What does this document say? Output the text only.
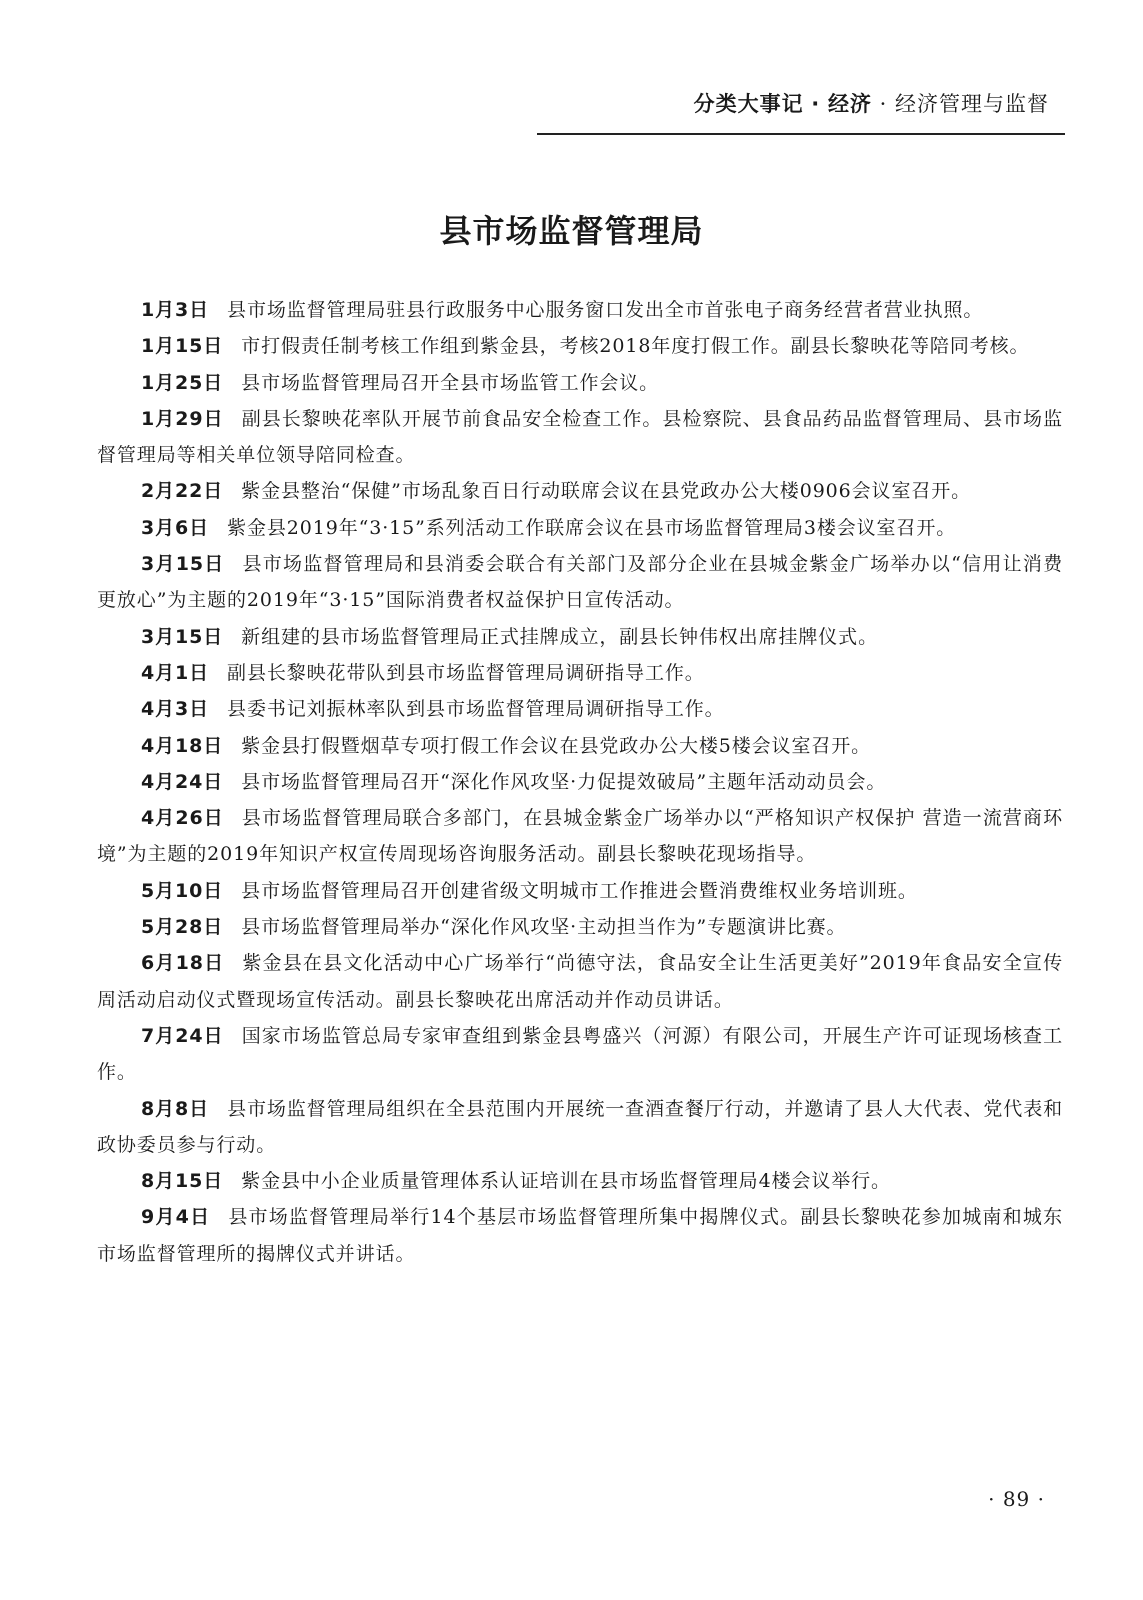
分类大事记 · 经济 · 经济管理与监督
县市场监督管理局

1月3日 县市场监督管理局驻县行政服务中心服务窗口发出全市首张电子商务经营者营业执照。

1月15日 市打假责任制考核工作组到紫金县，考核2018年度打假工作。副县长黎映花等陪同考核。

1月25日 县市场监督管理局召开全县市场监管工作会议。

1月29日 副县长黎映花率队开展节前食品安全检查工作。县检察院、县食品药品监督管理局、县市场监督管理局等相关单位领导陪同检查。

2月22日 紫金县整治“保健”市场乱象百日行动联席会议在县党政办公大楼0906会议室召开。

3月6日 紫金县2019年“3·15”系列活动工作联席会议在县市场监督管理局3楼会议室召开。

3月15日 县市场监督管理局和县消委会联合有关部门及部分企业在县城金紫金广场举办以“信用让消费更放心”为主题的2019年“3·15”国际消费者权益保护日宣传活动。

3月15日 新组建的县市场监督管理局正式挂牌成立，副县长钟伟权出席挂牌仪式。

4月1日 副县长黎映花带队到县市场监督管理局调研指导工作。

4月3日 县委书记刘振林率队到县市场监督管理局调研指导工作。

4月18日 紫金县打假暨烟草专项打假工作会议在县党政办公大楼5楼会议室召开。

4月24日 县市场监督管理局召开“深化作风攻坚·力促提效破局”主题年活动动员会。

4月26日 县市场监督管理局联合多部门，在县城金紫金广场举办以“严格知识产权保护 营造一流营商环境”为主题的2019年知识产权宣传周现场咨询服务活动。副县长黎映花现场指导。

5月10日 县市场监督管理局召开创建省级文明城市工作推进会暨消费维权业务培训班。

5月28日 县市场监督管理局举办“深化作风攻坚·主动担当作为”专题演讲比赛。

6月18日 紫金县在县文化活动中心广场举行“尚德守法，食品安全让生活更美好”2019年食品安全宣传周活动启动仪式暨现场宣传活动。副县长黎映花出席活动并作动员讲话。

7月24日 国家市场监管总局专家审查组到紫金县粤盛兴（河源）有限公司，开展生产许可证现场核查工作。

8月8日 县市场监督管理局组织在全县范围内开展统一查酒查餐厅行动，并邀请了县人大代表、党代表和政协委员参与行动。

8月15日 紫金县中小企业质量管理体系认证培训在县市场监督管理局4楼会议举行。

9月4日 县市场监督管理局举行14个基层市场监督管理所集中揭牌仪式。副县长黎映花参加城南和城东市场监督管理所的揭牌仪式并讲话。

· 89 ·
